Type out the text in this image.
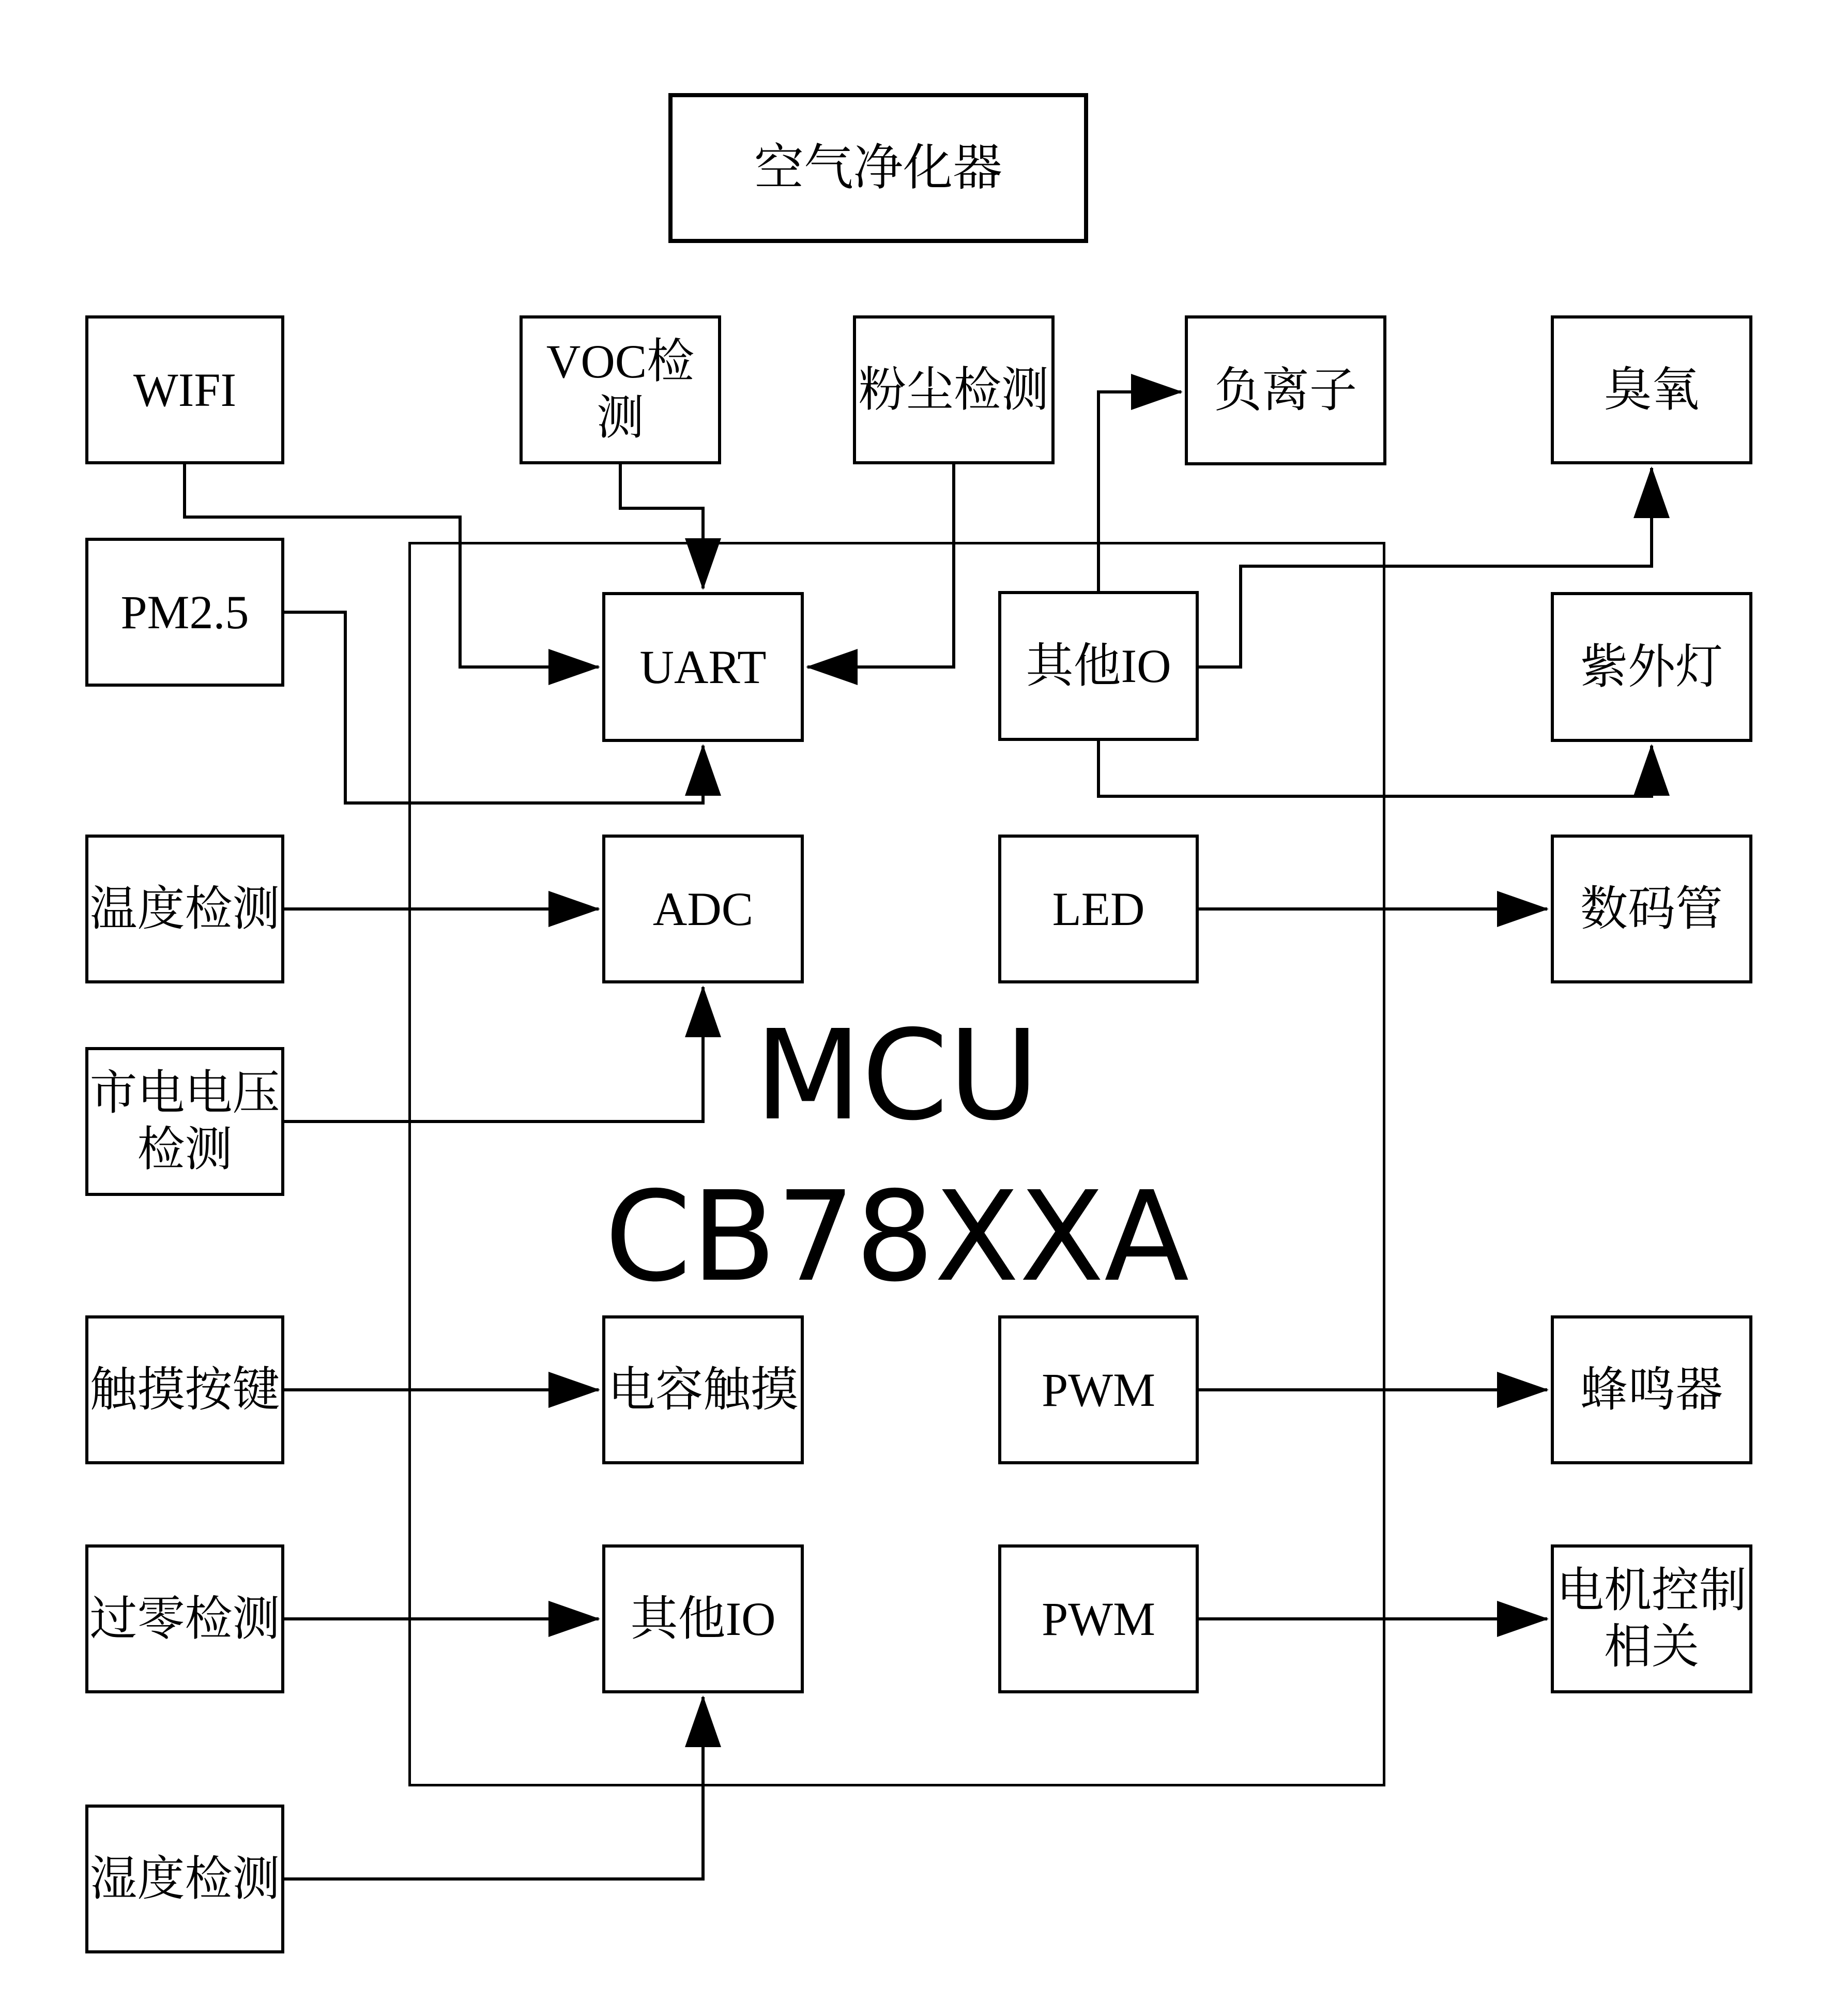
MCU
CB78XXA
空气净化器
WIFI
VOC检测
粉尘检测	负离子	臭氧
PM2.5
UART	其他IO	紫外灯
温度检测	ADC	LED	数码管
市电电压
检测
触摸按键	电容触摸	PWM	蜂鸣器
过零检测	其他IO	PWM
电机控制
相关
湿度检测
